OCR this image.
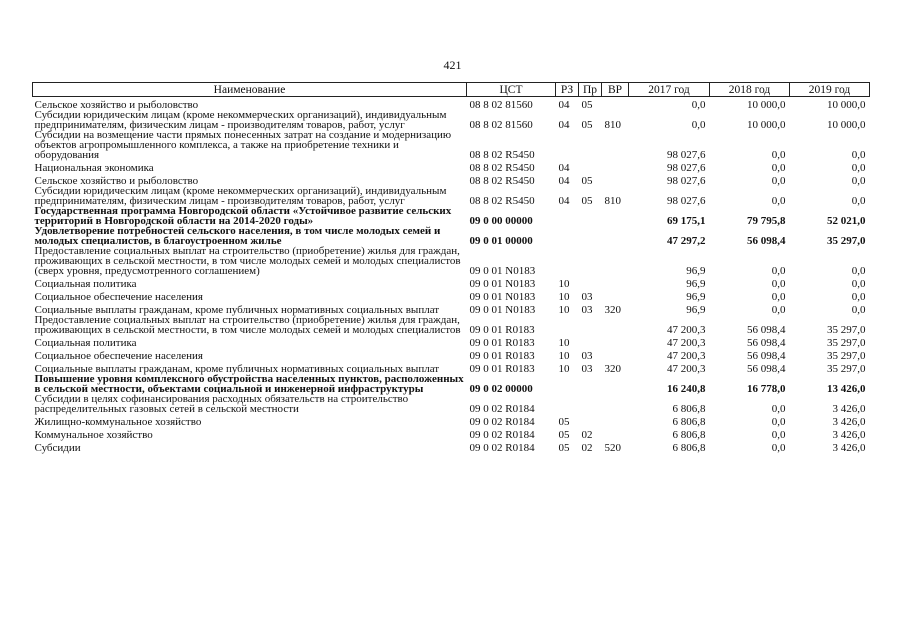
421
Наименование	ЦСТ	РЗ	Пр	ВР	2017 год	2018 год	2019 год
Сельское хозяйство и рыболовство	08 8 02 81560	04	05		0,0	10 000,0	10 000,0
Субсидии юридическим лицам (кроме некоммерческих организаций), индивидуальным предпринимателям, физическим лицам - производителям товаров, работ, услуг	08 8 02 81560	04	05	810	0,0	10 000,0	10 000,0
Субсидии на возмещение части прямых понесенных затрат на создание и модернизацию объектов агропромышленного комплекса, а также на приобретение техники и оборудования	08 8 02 R5450				98 027,6	0,0	0,0
Национальная экономика	08 8 02 R5450	04			98 027,6	0,0	0,0
Сельское хозяйство и рыболовство	08 8 02 R5450	04	05		98 027,6	0,0	0,0
Субсидии юридическим лицам (кроме некоммерческих организаций), индивидуальным предпринимателям, физическим лицам - производителям товаров, работ, услуг	08 8 02 R5450	04	05	810	98 027,6	0,0	0,0
Государственная программа Новгородской области «Устойчивое развитие сельских территорий в Новгородской области на 2014-2020 годы»	09 0 00 00000				69 175,1	79 795,8	52 021,0
Удовлетворение потребностей сельского населения, в том числе молодых семей и молодых специалистов, в благоустроенном жилье	09 0 01 00000				47 297,2	56 098,4	35 297,0
Предоставление социальных выплат на строительство (приобретение) жилья для граждан, проживающих в сельской местности, в том числе молодых семей и молодых специалистов (сверх уровня, предусмотренного соглашением)	09 0 01 N0183				96,9	0,0	0,0
Социальная политика	09 0 01 N0183	10			96,9	0,0	0,0
Социальное обеспечение населения	09 0 01 N0183	10	03		96,9	0,0	0,0
Социальные выплаты гражданам, кроме публичных нормативных социальных выплат	09 0 01 N0183	10	03	320	96,9	0,0	0,0
Предоставление социальных выплат на строительство (приобретение) жилья для граждан, проживающих в сельской местности, в том числе молодых семей и молодых специалистов	09 0 01 R0183				47 200,3	56 098,4	35 297,0
Социальная политика	09 0 01 R0183	10			47 200,3	56 098,4	35 297,0
Социальное обеспечение населения	09 0 01 R0183	10	03		47 200,3	56 098,4	35 297,0
Социальные выплаты гражданам, кроме публичных нормативных социальных выплат	09 0 01 R0183	10	03	320	47 200,3	56 098,4	35 297,0
Повышение уровня комплексного обустройства населенных пунктов, расположенных в сельской местности, объектами социальной и инженерной инфраструктуры	09 0 02 00000				16 240,8	16 778,0	13 426,0
Субсидии в целях софинансирования расходных обязательств на строительство распределительных газовых сетей в сельской местности	09 0 02 R0184				6 806,8	0,0	3 426,0
Жилищно-коммунальное хозяйство	09 0 02 R0184	05			6 806,8	0,0	3 426,0
Коммунальное хозяйство	09 0 02 R0184	05	02		6 806,8	0,0	3 426,0
Субсидии	09 0 02 R0184	05	02	520	6 806,8	0,0	3 426,0
